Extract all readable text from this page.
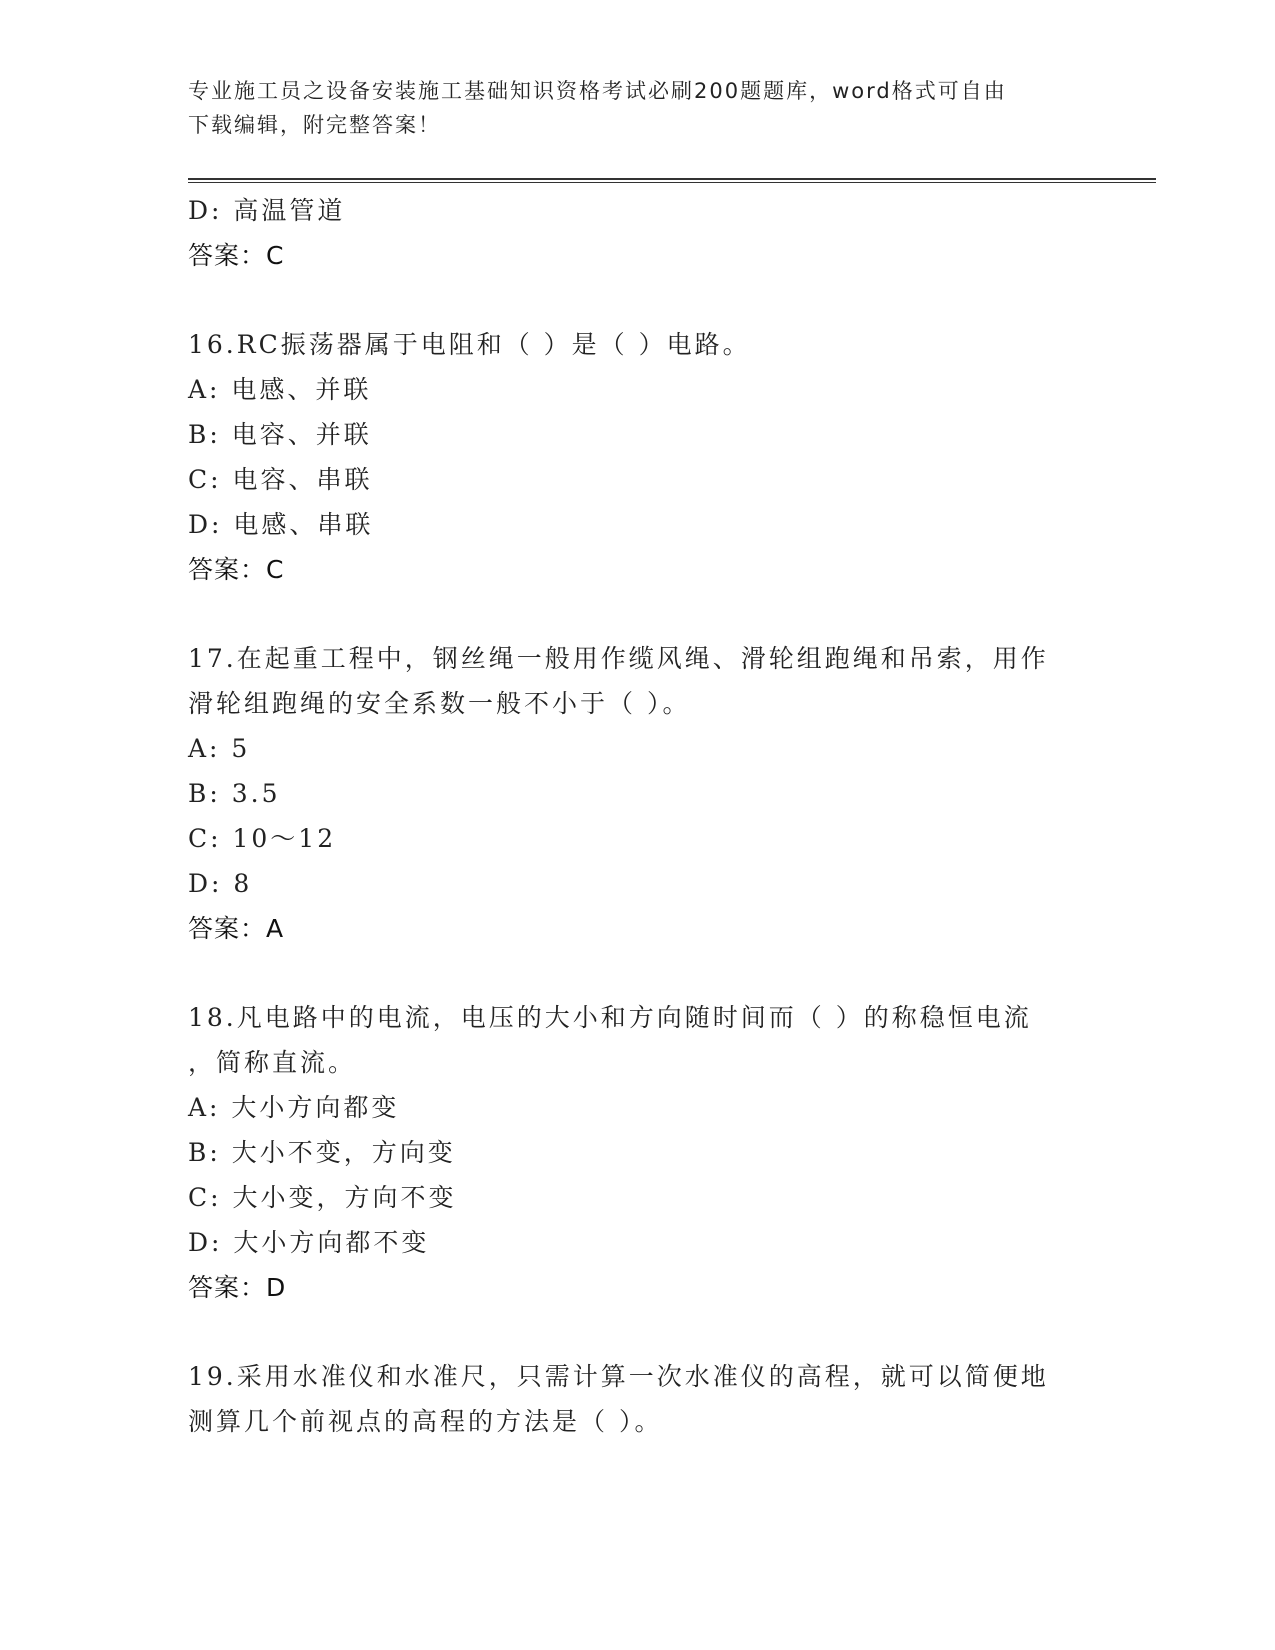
专业施工员之设备安装施工基础知识资格考试必刷200题题库，word格式可自由
下载编辑，附完整答案！
D: 高温管道
答案：C
16.RC振荡器属于电阻和（ ）是（ ）电路。
A: 电感、并联
B: 电容、并联
C: 电容、串联
D: 电感、串联
答案：C
17.在起重工程中，钢丝绳一般用作缆风绳、滑轮组跑绳和吊索，用作
滑轮组跑绳的安全系数一般不小于（ ）。
A: 5
B: 3.5
C: 10～12
D: 8
答案：A
18.凡电路中的电流，电压的大小和方向随时间而（ ）的称稳恒电流
，简称直流。
A: 大小方向都变
B: 大小不变，方向变
C: 大小变，方向不变
D: 大小方向都不变
答案：D
19.采用水准仪和水准尺，只需计算一次水准仪的高程，就可以简便地
测算几个前视点的高程的方法是（ ）。
